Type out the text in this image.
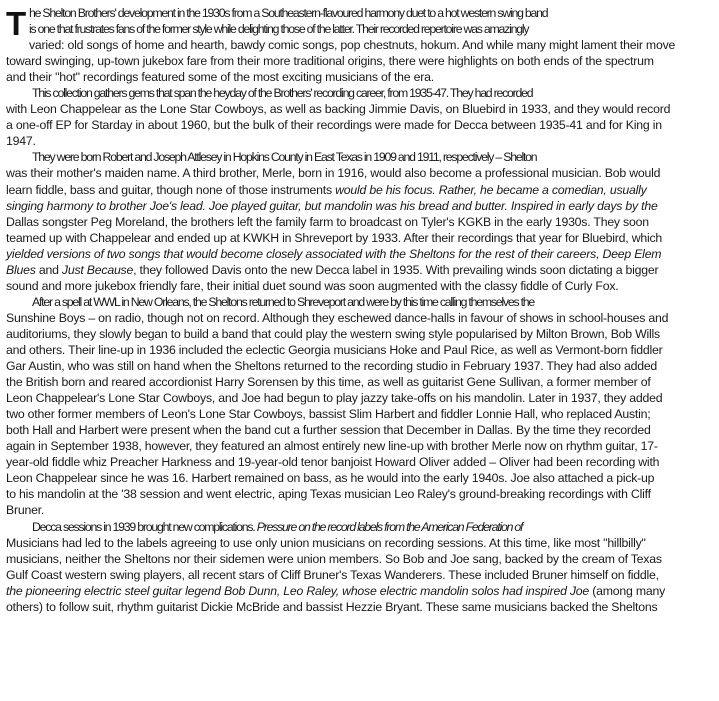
T he Shelton Brothers' development in the 1930s from a Southeastern-flavoured harmony duet to a hot western swing band
is one that frustrates fans of the former style while delighting those of the latter. Their recorded repertoire was amazingly
varied: old songs of home and hearth, bawdy comic songs, pop chestnuts, hokum. And while many might lament their move
toward swinging, up-town jukebox fare from their more traditional origins, there were highlights on both ends of the spectrum
and their "hot" recordings featured some of the most exciting musicians of the era.
This collection gathers gems that span the heyday of the Brothers' recording career, from 1935-47. They had recorded
with Leon Chappelear as the Lone Star Cowboys, as well as backing Jimmie Davis, on Bluebird in 1933, and they would record
a one-off EP for Starday in about 1960, but the bulk of their recordings were made for Decca between 1935-41 and for King in
1947.
They were born Robert and Joseph Attlesey in Hopkins County in East Texas in 1909 and 1911, respectively – Shelton
was their mother's maiden name. A third brother, Merle, born in 1916, would also become a professional musician. Bob would
learn fiddle, bass and guitar, though none of those instruments would be his focus. Rather, he became a comedian, usually
singing harmony to brother Joe's lead. Joe played guitar, but mandolin was his bread and butter. Inspired in early days by the
Dallas songster Peg Moreland, the brothers left the family farm to broadcast on Tyler's KGKB in the early 1930s. They soon
teamed up with Chappelear and ended up at KWKH in Shreveport by 1933. After their recordings that year for Bluebird, which
yielded versions of two songs that would become closely associated with the Sheltons for the rest of their careers, Deep Elem
Blues and Just Because, they followed Davis onto the new Decca label in 1935. With prevailing winds soon dictating a bigger
sound and more jukebox friendly fare, their initial duet sound was soon augmented with the classy fiddle of Curly Fox.
After a spell at WWL in New Orleans, the Sheltons returned to Shreveport and were by this time calling themselves the
Sunshine Boys – on radio, though not on record. Although they eschewed dance-halls in favour of shows in school-houses and
auditoriums, they slowly began to build a band that could play the western swing style popularised by Milton Brown, Bob Wills
and others. Their line-up in 1936 included the eclectic Georgia musicians Hoke and Paul Rice, as well as Vermont-born fiddler
Gar Austin, who was still on hand when the Sheltons returned to the recording studio in February 1937. They had also added
the British born and reared accordionist Harry Sorensen by this time, as well as guitarist Gene Sullivan, a former member of
Leon Chappelear's Lone Star Cowboys, and Joe had begun to play jazzy take-offs on his mandolin. Later in 1937, they added
two other former members of Leon's Lone Star Cowboys, bassist Slim Harbert and fiddler Lonnie Hall, who replaced Austin;
both Hall and Harbert were present when the band cut a further session that December in Dallas. By the time they recorded
again in September 1938, however, they featured an almost entirely new line-up with brother Merle now on rhythm guitar, 17-
year-old fiddle whiz Preacher Harkness and 19-year-old tenor banjoist Howard Oliver added – Oliver had been recording with
Leon Chappelear since he was 16. Harbert remained on bass, as he would into the early 1940s. Joe also attached a pick-up
to his mandolin at the '38 session and went electric, aping Texas musician Leo Raley's ground-breaking recordings with Cliff
Bruner.
Decca sessions in 1939 brought new complications. Pressure on the record labels from the American Federation of
Musicians had led to the labels agreeing to use only union musicians on recording sessions. At this time, like most "hillbilly"
musicians, neither the Sheltons nor their sidemen were union members. So Bob and Joe sang, backed by the cream of Texas
Gulf Coast western swing players, all recent stars of Cliff Bruner's Texas Wanderers. These included Bruner himself on fiddle,
the pioneering electric steel guitar legend Bob Dunn, Leo Raley, whose electric mandolin solos had inspired Joe (among many
others) to follow suit, rhythm guitarist Dickie McBride and bassist Hezzie Bryant. These same musicians backed the Sheltons
